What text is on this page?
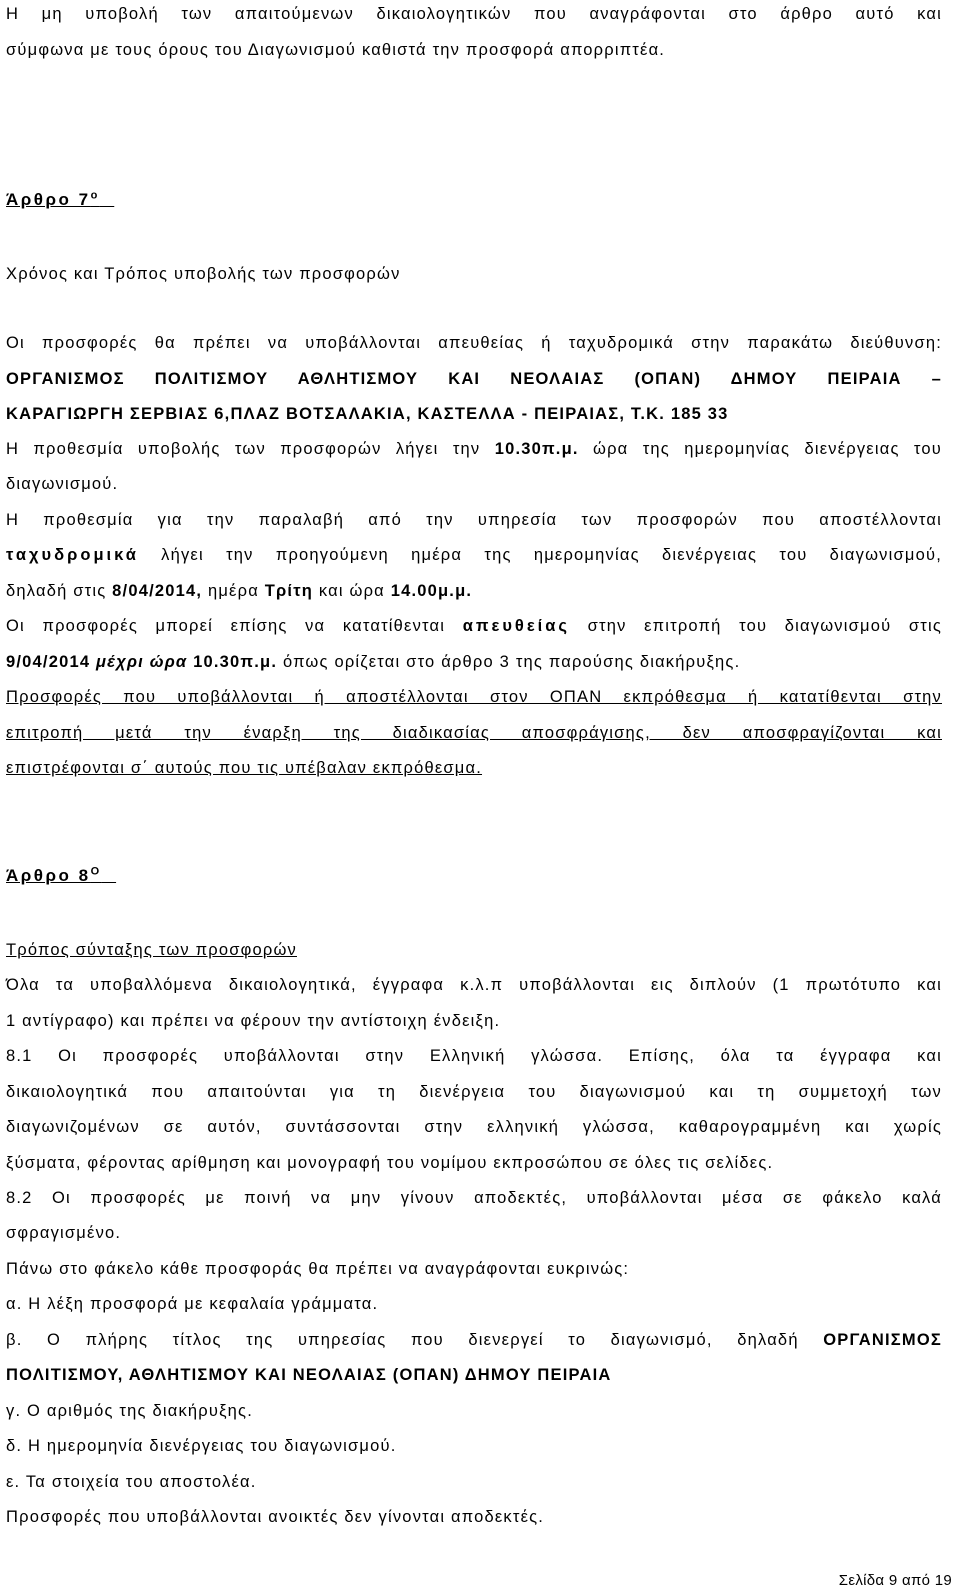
Η μη υποβολή των απαιτούμενων δικαιολογητικών που αναγράφονται στο άρθρο αυτό και
σύμφωνα με τους όρους του Διαγωνισμού καθιστά την προσφορά απορριπτέα.
Άρθρο $7^o$
Χρόνος και Τρόπος υποβολής των προσφορών
Οι προσφορές θα πρέπει να υποβάλλονται απευθείας ή ταχυδρομικά στην παρακάτω διεύθυνση:
ΟΡΓΑΝΙΣΜΟΣ ΠΟΛΙΤΙΣΜΟΥ ΑΘΛΗΤΙΣΜΟΥ ΚΑΙ ΝΕΟΛΑΙΑΣ (ΟΠΑΝ) ΔΗΜΟΥ ΠΕΙΡΑΙΑ –
ΚΑΡΑΓΙΩΡΓΗ ΣΕΡΒΙΑΣ 6,ΠΛΑΖ ΒΟΤΣΑΛΑΚΙΑ, ΚΑΣΤΕΛΛΑ - ΠΕΙΡΑΙΑΣ, Τ.Κ. 185 33
Η προθεσμία υποβολής των προσφορών λήγει την 10.30π.μ. ώρα της ημερομηνίας διενέργειας του
διαγωνισμού.
Η προθεσμία για την παραλαβή από την υπηρεσία των προσφορών που αποστέλλονται
ταχυδρομικά λήγει την προηγούμενη ημέρα της ημερομηνίας διενέργειας του διαγωνισμού,
δηλαδή στις 8/04/2014, ημέρα Τρίτη και ώρα 14.00μ.μ.
Οι προσφορές μπορεί επίσης να κατατίθενται απευθείας στην επιτροπή του διαγωνισμού στις
9/04/2014 μέχρι ώρα 10.30π.μ. όπως ορίζεται στο άρθρο 3 της παρούσης διακήρυξης.
Προσφορές που υποβάλλονται ή αποστέλλονται στον ΟΠΑΝ εκπρόθεσμα ή κατατίθενται στην
επιτροπή μετά την έναρξη της διαδικασίας αποσφράγισης, δεν αποσφραγίζονται και
επιστρέφονται σ΄ αυτούς που τις υπέβαλαν εκπρόθεσμα.
Άρθρο $8^O$
Τρόπος σύνταξης των προσφορών
Όλα τα υποβαλλόμενα δικαιολογητικά, έγγραφα κ.λ.π υποβάλλονται εις διπλούν (1 πρωτότυπο και
1 αντίγραφο) και πρέπει να φέρουν την αντίστοιχη ένδειξη.
8.1 Οι προσφορές υποβάλλονται στην Ελληνική γλώσσα. Επίσης, όλα τα έγγραφα και
δικαιολογητικά που απαιτούνται για τη διενέργεια του διαγωνισμού και τη συμμετοχή των
διαγωνιζομένων σε αυτόν, συντάσσονται στην ελληνική γλώσσα, καθαρογραμμένη και χωρίς
ξύσματα, φέροντας αρίθμηση και μονογραφή του νομίμου εκπροσώπου σε όλες τις σελίδες.
8.2 Οι προσφορές με ποινή να μην γίνουν αποδεκτές, υποβάλλονται μέσα σε φάκελο καλά
σφραγισμένο.
Πάνω στο φάκελο κάθε προσφοράς θα πρέπει να αναγράφονται ευκρινώς:
α. Η λέξη προσφορά με κεφαλαία γράμματα.
β. Ο πλήρης τίτλος της υπηρεσίας που διενεργεί το διαγωνισμό, δηλαδή ΟΡΓΑΝΙΣΜΟΣ
ΠΟΛΙΤΙΣΜΟΥ, ΑΘΛΗΤΙΣΜΟΥ ΚΑΙ ΝΕΟΛΑΙΑΣ (ΟΠΑΝ) ΔΗΜΟΥ ΠΕΙΡΑΙΑ
γ. Ο αριθμός της διακήρυξης.
δ. Η ημερομηνία διενέργειας του διαγωνισμού.
ε. Τα στοιχεία του αποστολέα.
Προσφορές που υποβάλλονται ανοικτές δεν γίνονται αποδεκτές.
Σελίδα 9 από 19
